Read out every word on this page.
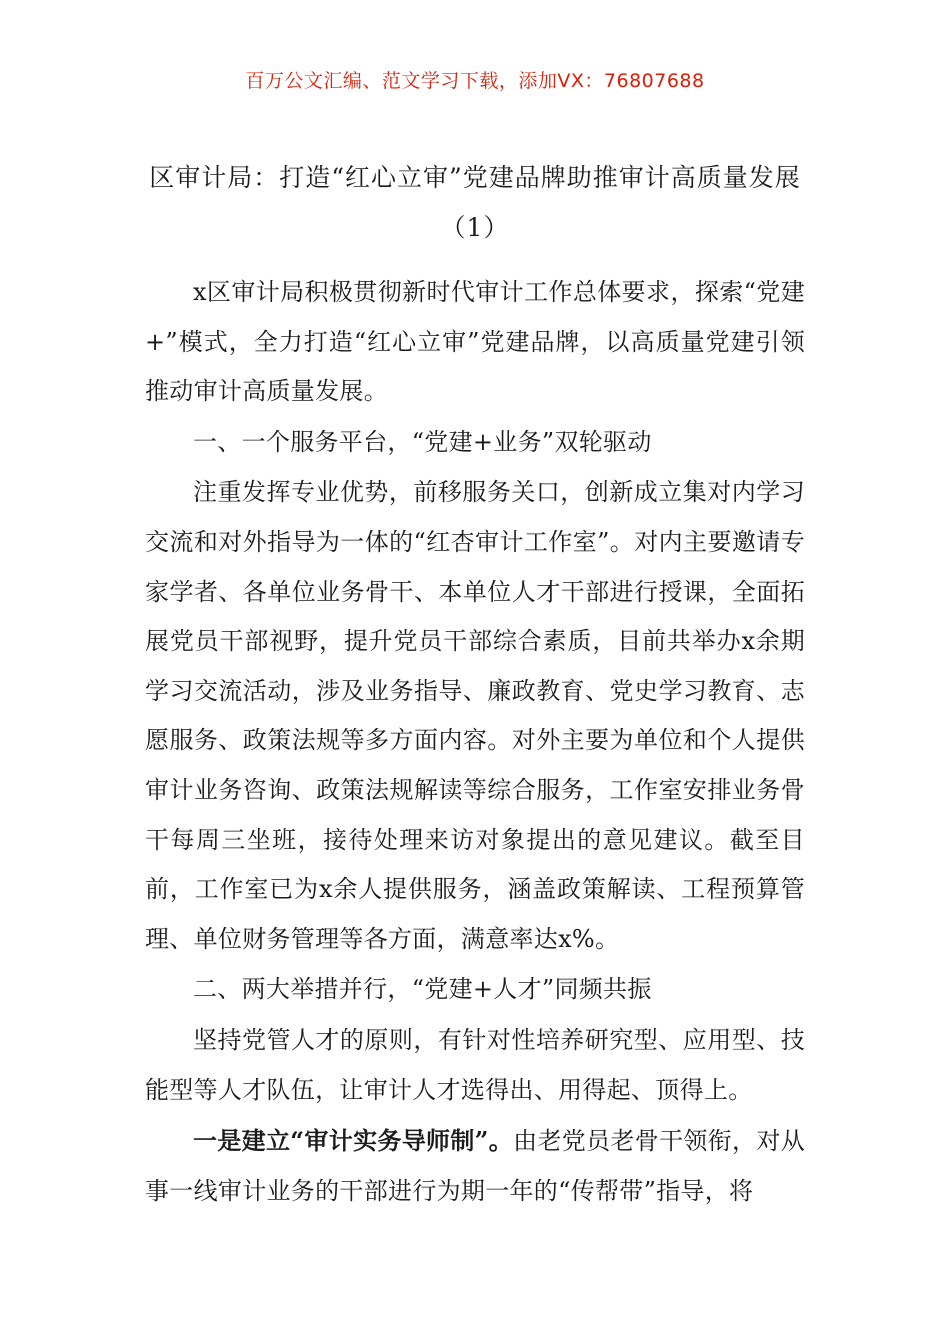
百万公文汇编、范文学习下载，添加VX：76807688
区审计局：打造“红心立审”党建品牌助推审计高质量发展
（1）

x区审计局积极贯彻新时代审计工作总体要求，探索“党建+”模式，全力打造“红心立审”党建品牌，以高质量党建引领推动审计高质量发展。

一、一个服务平台，“党建+业务”双轮驱动

注重发挥专业优势，前移服务关口，创新成立集对内学习交流和对外指导为一体的“红杏审计工作室”。对内主要邀请专家学者、各单位业务骨干、本单位人才干部进行授课，全面拓展党员干部视野，提升党员干部综合素质，目前共举办x余期学习交流活动，涉及业务指导、廉政教育、党史学习教育、志愿服务、政策法规等多方面内容。对外主要为单位和个人提供审计业务咨询、政策法规解读等综合服务，工作室安排业务骨干每周三坐班，接待处理来访对象提出的意见建议。截至目前，工作室已为x余人提供服务，涵盖政策解读、工程预算管理、单位财务管理等各方面，满意率达x%。

二、两大举措并行，“党建+人才”同频共振

坚持党管人才的原则，有针对性培养研究型、应用型、技能型等人才队伍，让审计人才选得出、用得起、顶得上。

一是建立“审计实务导师制”。由老党员老骨干领衔，对从事一线审计业务的干部进行为期一年的“传帮带”指导，将
